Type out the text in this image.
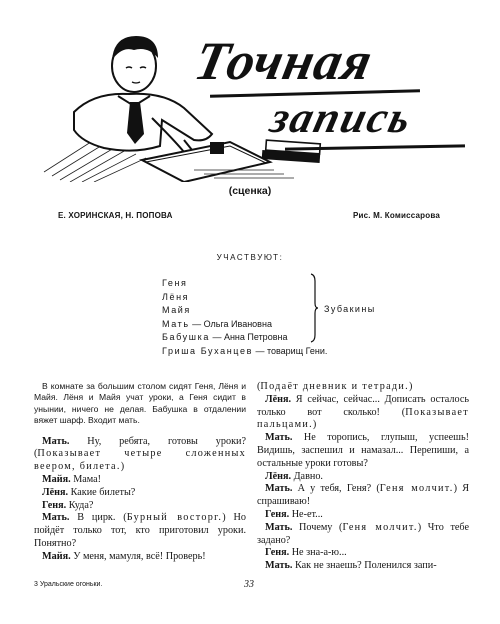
Точная
запись
(сценка)
Е. ХОРИНСКАЯ, Н. ПОПОВА	Рис. М. Комиссарова
УЧАСТВУЮТ:
Геня
Лёня
Майя
Мать — Ольга Ивановна
Бабушка — Анна Петровна
Гриша Буханцев — товарищ Гени.
Зубакины

В комнате за большим столом сидят Геня, Лёня и Майя. Лёня и Майя учат уроки, а Геня сидит в унынии, ничего не делая. Бабушка в отдалении вяжет шарф. Входит мать.

Мать. Ну, ребята, готовы уроки? (Показывает четыре сложенных веером, билета.)

Майя. Мама!

Лёня. Какие билеты?

Геня. Куда?

Мать. В цирк. (Бурный восторг.) Но пойдёт только тот, кто приготовил уроки. Понятно?

Майя. У меня, мамуля, всё! Проверь!

(Подаёт дневник и тетради.)

Лёня. Я сейчас, сейчас... Дописать осталось только вот сколько! (Показывает пальцами.)

Мать. Не торопись, глупыш, успеешь! Видишь, заспешил и намазал... Перепиши, а остальные уроки готовы?

Лёня. Давно.

Мать. А у тебя, Геня? (Геня молчит.) Я спрашиваю!

Геня. Не-ет...

Мать. Почему (Геня молчит.) Что тебе задано?

Геня. Не зна-а-ю...

Мать. Как не знаешь? Поленился запи-

3 Уральские огоньки.	33
